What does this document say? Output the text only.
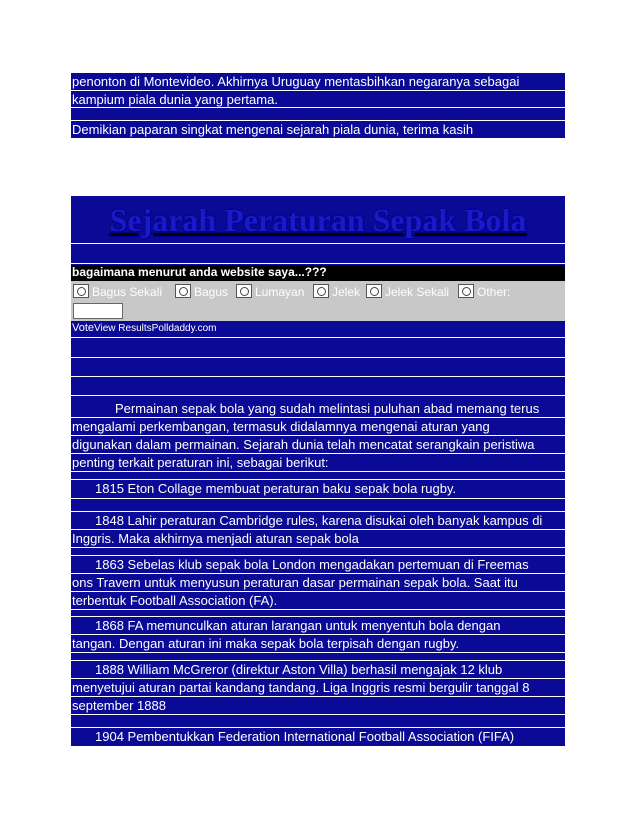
penonton di Montevideo. Akhirnya Uruguay mentasbihkan negaranya sebagai
kampium piala dunia yang pertama.
Demikian paparan singkat mengenai sejarah piala dunia, terima kasih
Sejarah Peraturan Sepak Bola
bagaimana menurut anda website saya...???
Bagus Sekali	Bagus	Lumayan	Jelek	Jelek Sekali	Other:
VoteView ResultsPolldaddy.com
Permainan sepak bola yang sudah melintasi puluhan abad memang terus
mengalami perkembangan, termasuk didalamnya mengenai aturan yang
digunakan dalam permainan. Sejarah dunia telah mencatat serangkain peristiwa
penting terkait peraturan ini, sebagai berikut:
1815 Eton Collage membuat peraturan baku sepak bola rugby.
1848 Lahir peraturan Cambridge rules, karena disukai oleh banyak kampus di
Inggris. Maka akhirnya menjadi aturan sepak bola
1863 Sebelas klub sepak bola London mengadakan pertemuan di Freemas
ons Travern untuk menyusun peraturan dasar permainan sepak bola. Saat itu
terbentuk Football Association (FA).
1868 FA memunculkan aturan larangan untuk menyentuh bola dengan
tangan. Dengan aturan ini maka sepak bola terpisah dengan rugby.
1888 William McGreror (direktur Aston Villa) berhasil mengajak 12 klub
menyetujui aturan partai kandang tandang. Liga Inggris resmi bergulir tanggal 8
september 1888
1904 Pembentukkan Federation International Football Association (FIFA)
